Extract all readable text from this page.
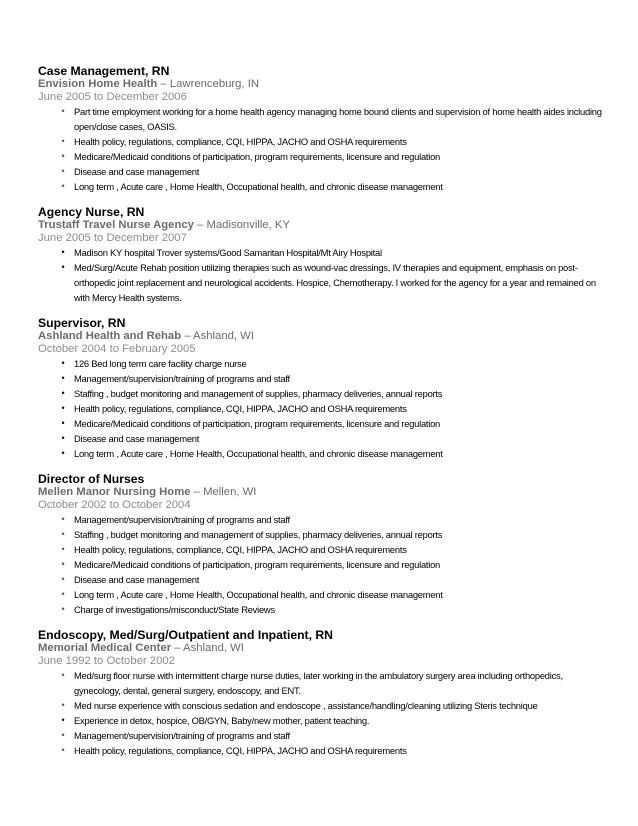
Case Management, RN
Envision Home Health – Lawrenceburg, IN
June 2005 to December 2006
•	Part time employment working for a home health agency managing home bound clients and supervision of home health aides including open/close cases, OASIS.
•	Health policy, regulations, compliance, CQI, HIPPA, JACHO and OSHA requirements
•	Medicare/Medicaid conditions of participation, program requirements, licensure and regulation
•	Disease and case management
•	Long term , Acute care , Home Health, Occupational health, and chronic disease management
Agency Nurse, RN
Trustaff Travel Nurse Agency – Madisonville, KY
June 2005 to December 2007
•	Madison KY hospital Trover systems/Good Samaritan Hospital/Mt Airy Hospital
•	Med/Surg/Acute Rehab position utilizing therapies such as wound-vac dressings, IV therapies and equipment, emphasis on post-orthopedic joint replacement and neurological accidents. Hospice, Chemotherapy. I worked for the agency for a year and remained on with Mercy Health systems.
Supervisor, RN
Ashland Health and Rehab – Ashland, WI
October 2004 to February 2005
•	126 Bed long term care facility charge nurse
•	Management/supervision/training of programs and staff
•	Staffing , budget monitoring and management of supplies, pharmacy deliveries, annual reports
•	Health policy, regulations, compliance, CQI, HIPPA, JACHO and OSHA requirements
•	Medicare/Medicaid conditions of participation, program requirements, licensure and regulation
•	Disease and case management
•	Long term , Acute care , Home Health, Occupational health, and chronic disease management
Director of Nurses
Mellen Manor Nursing Home – Mellen, WI
October 2002 to October 2004
•	Management/supervision/training of programs and staff
•	Staffing , budget monitoring and management of supplies, pharmacy deliveries, annual reports
•	Health policy, regulations, compliance, CQI, HIPPA, JACHO and OSHA requirements
•	Medicare/Medicaid conditions of participation, program requirements, licensure and regulation
•	Disease and case management
•	Long term , Acute care , Home Health, Occupational health, and chronic disease management
•	Charge of investigations/misconduct/State Reviews
Endoscopy, Med/Surg/Outpatient and Inpatient, RN
Memorial Medical Center – Ashland, WI
June 1992 to October 2002
•	Med/surg floor nurse with intermittent charge nurse duties, later working in the ambulatory surgery area including orthopedics, gynecology, dental, general surgery, endoscopy, and ENT.
•	Med nurse experience with conscious sedation and endoscope , assistance/handling/cleaning utilizing Steris technique
•	Experience in detox, hospice, OB/GYN, Baby/new mother, patient teaching.
•	Management/supervision/training of programs and staff
•	Health policy, regulations, compliance, CQI, HIPPA, JACHO and OSHA requirements
